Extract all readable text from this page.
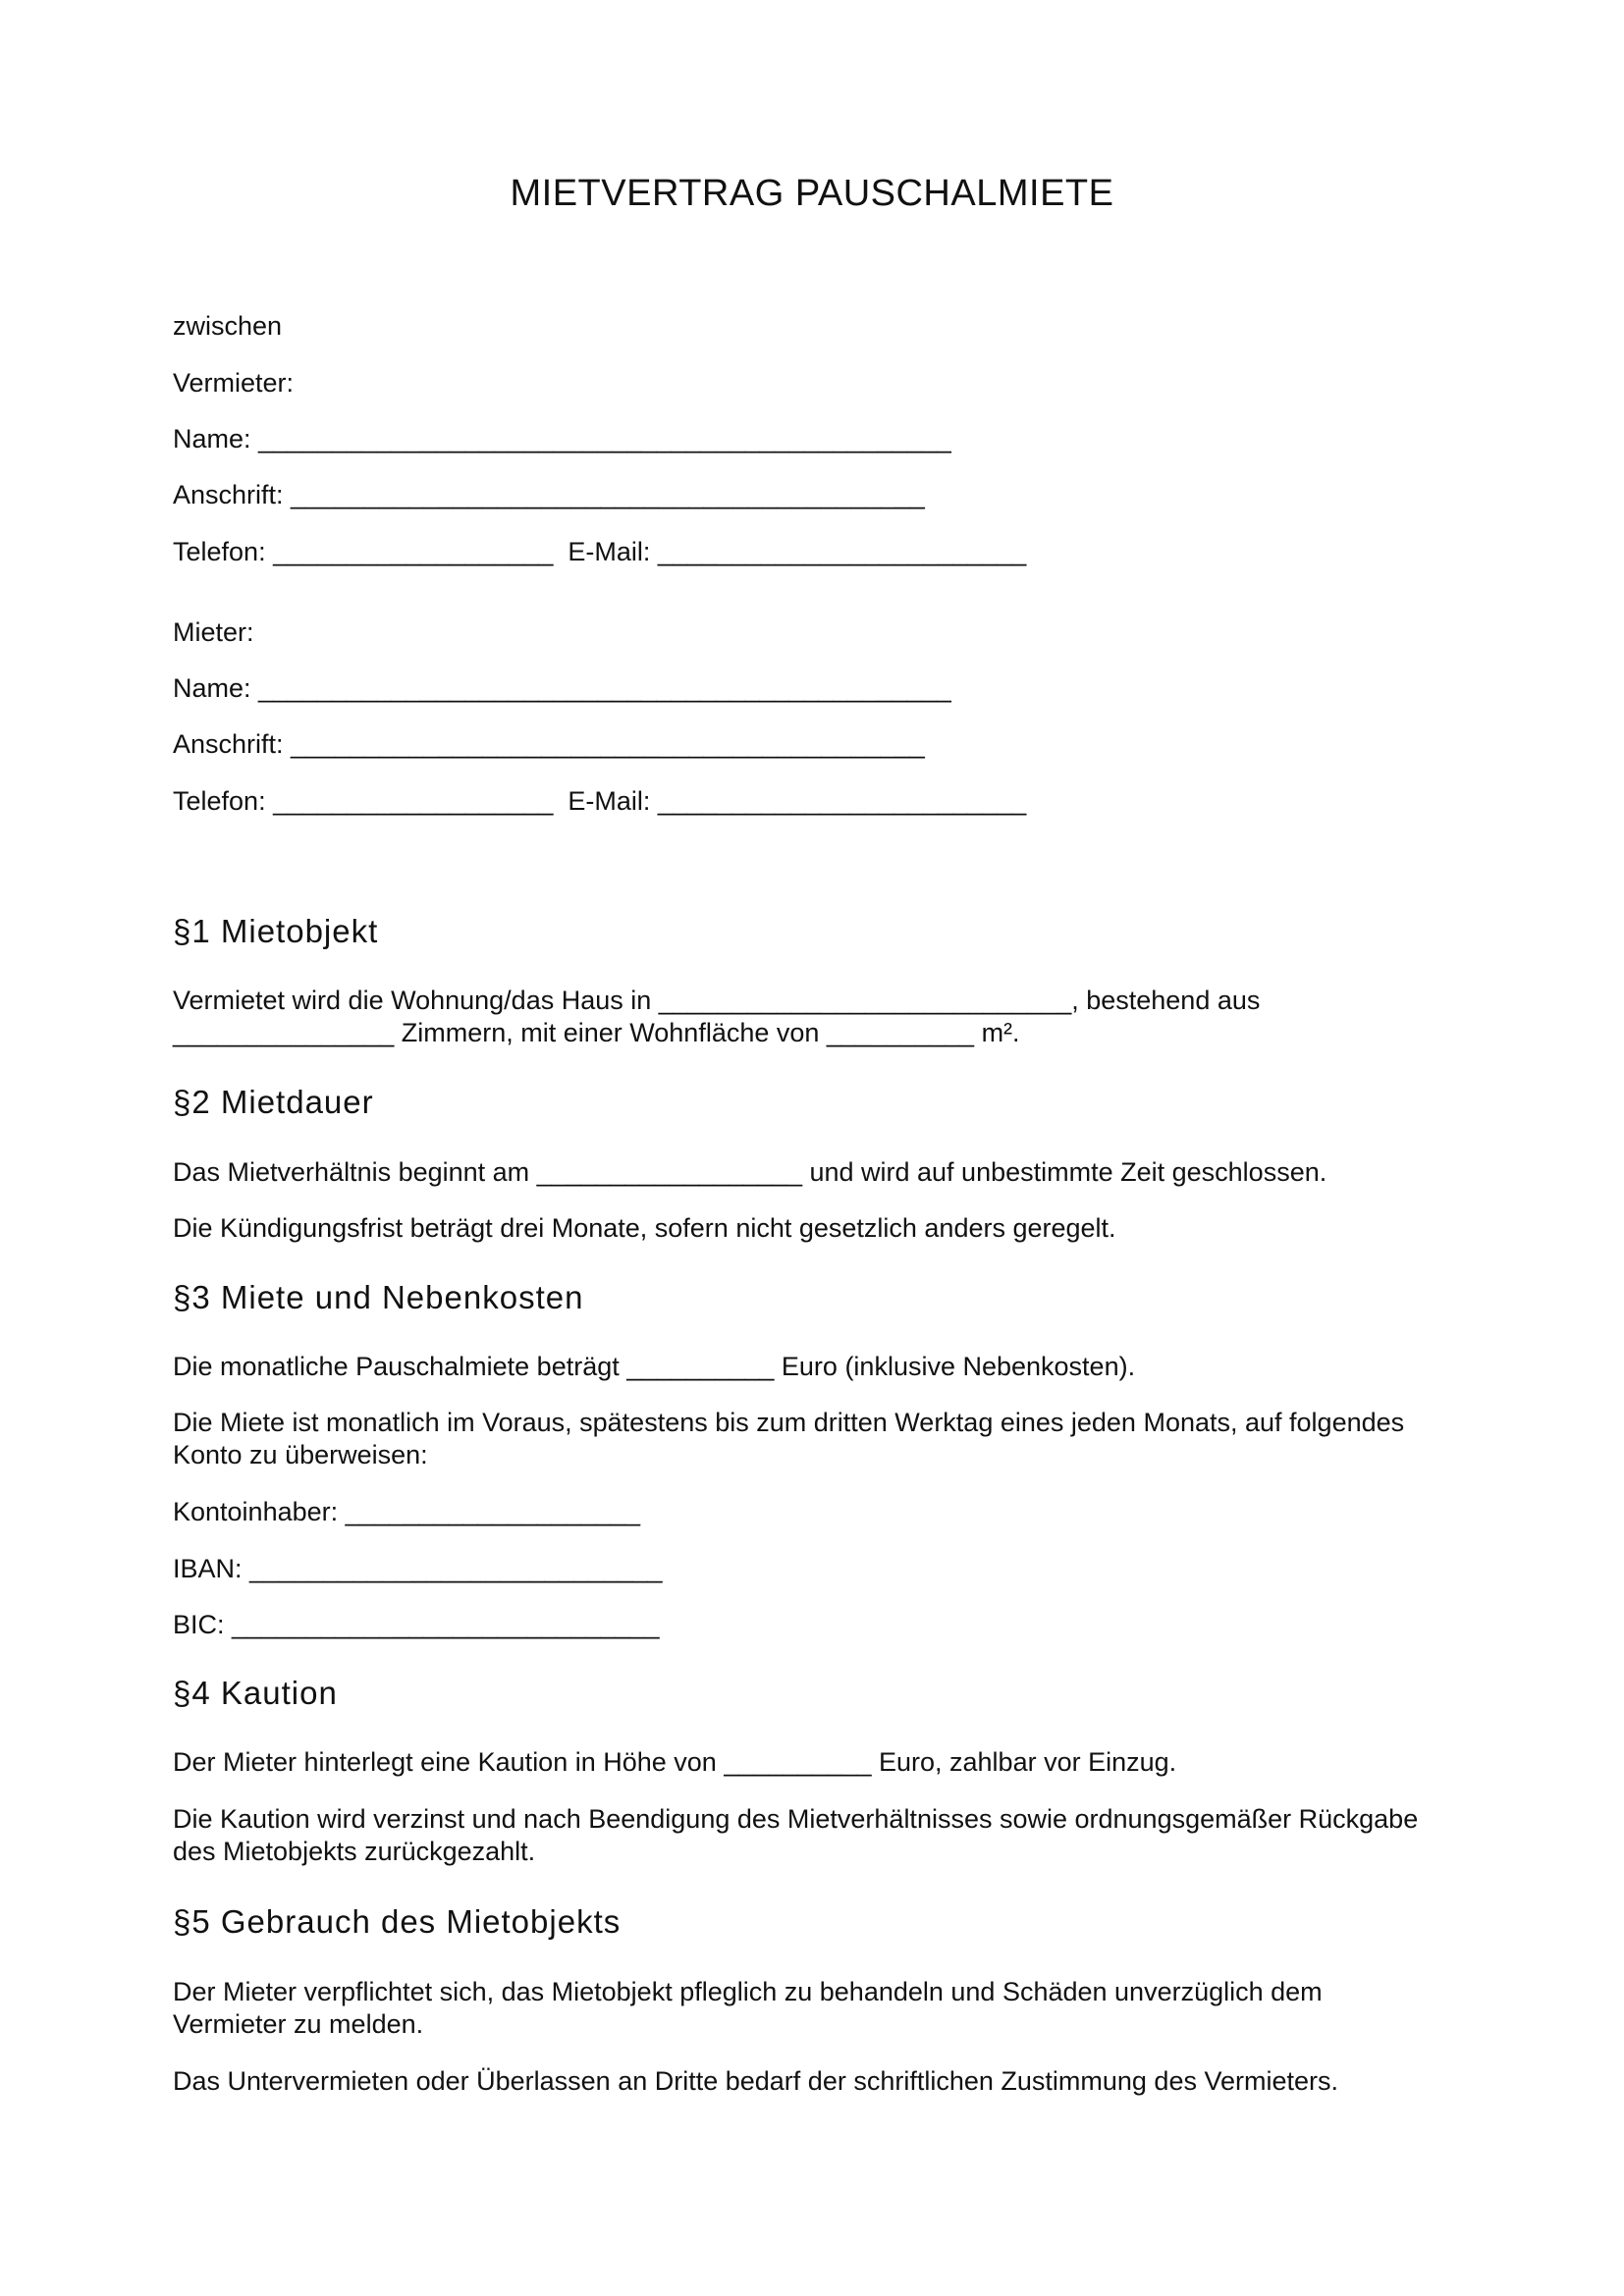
MIETVERTRAG PAUSCHALMIETE

zwischen

Vermieter:

Name: _______________________________________________

Anschrift: ___________________________________________

Telefon: ___________________  E-Mail: _________________________

Mieter:

Name: _______________________________________________

Anschrift: ___________________________________________

Telefon: ___________________  E-Mail: _________________________

§1 Mietobjekt

Vermietet wird die Wohnung/das Haus in ____________________________, bestehend aus

_______________ Zimmern, mit einer Wohnfläche von __________ m².

§2 Mietdauer

Das Mietverhältnis beginnt am __________________ und wird auf unbestimmte Zeit geschlossen.

Die Kündigungsfrist beträgt drei Monate, sofern nicht gesetzlich anders geregelt.

§3 Miete und Nebenkosten

Die monatliche Pauschalmiete beträgt __________ Euro (inklusive Nebenkosten).

Die Miete ist monatlich im Voraus, spätestens bis zum dritten Werktag eines jeden Monats, auf folgendes

Konto zu überweisen:

Kontoinhaber: ____________________

IBAN: ____________________________

BIC: _____________________________

§4 Kaution

Der Mieter hinterlegt eine Kaution in Höhe von __________ Euro, zahlbar vor Einzug.

Die Kaution wird verzinst und nach Beendigung des Mietverhältnisses sowie ordnungsgemäßer Rückgabe

des Mietobjekts zurückgezahlt.

§5 Gebrauch des Mietobjekts

Der Mieter verpflichtet sich, das Mietobjekt pfleglich zu behandeln und Schäden unverzüglich dem

Vermieter zu melden.

Das Untervermieten oder Überlassen an Dritte bedarf der schriftlichen Zustimmung des Vermieters.
